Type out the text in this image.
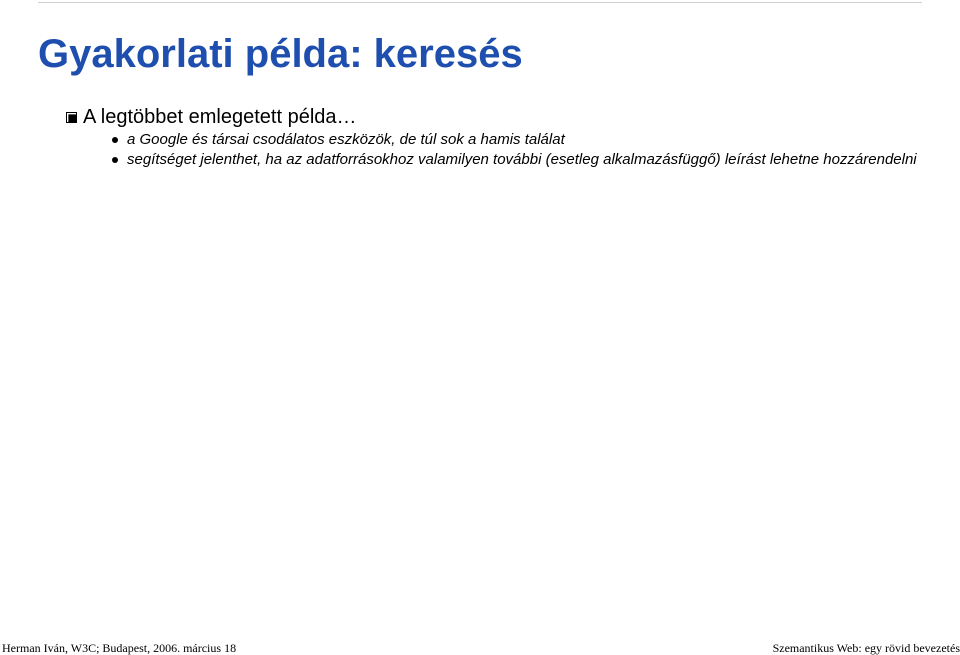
Gyakorlati példa: keresés
A legtöbbet emlegetett példa…
a Google és társai csodálatos eszközök, de túl sok a hamis találat
segítséget jelenthet, ha az adatforrásokhoz valamilyen további (esetleg alkalmazásfüggő) leírást lehetne hozzárendelni
Herman Iván, W3C; Budapest, 2006. március 18	Szemantikus Web: egy rövid bevezetés
